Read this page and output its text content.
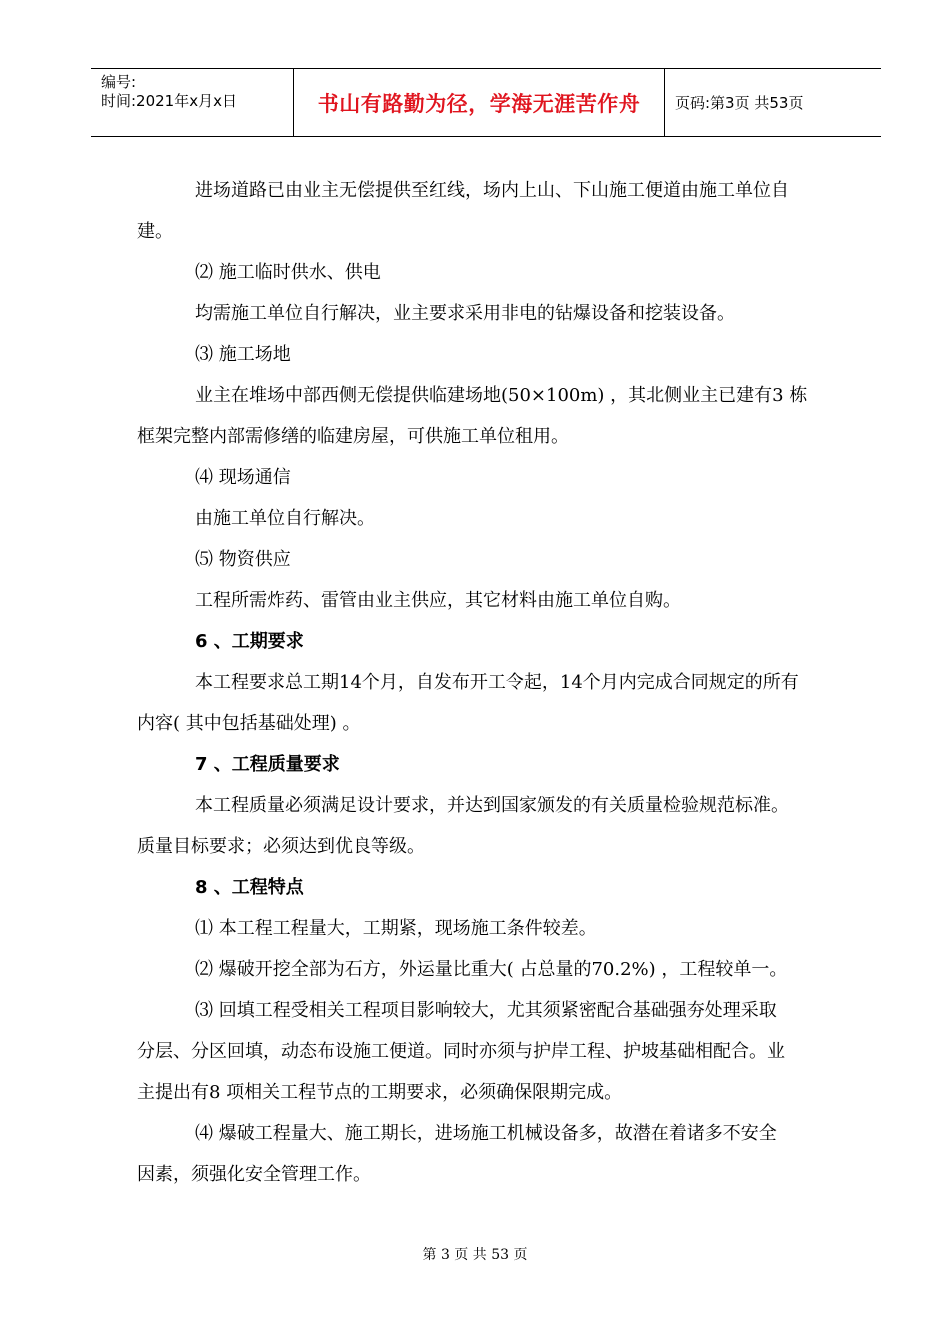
编号:
时间:2021年x月x日	书山有路勤为径，学海无涯苦作舟 页码:第3页 共53页
进场道路已由业主无偿提供至红线，场内上山、下山施工便道由施工单位自
建。
⑵ 施工临时供水、供电
均需施工单位自行解决，业主要求采用非电的钻爆设备和挖装设备。
⑶ 施工场地
业主在堆场中部西侧无偿提供临建场地(50×100m) ，其北侧业主已建有3 栋
框架完整内部需修缮的临建房屋，可供施工单位租用。
⑷ 现场通信
由施工单位自行解决。
⑸ 物资供应
工程所需炸药、雷管由业主供应，其它材料由施工单位自购。
6 、工期要求
本工程要求总工期14个月，自发布开工令起，14个月内完成合同规定的所有
内容( 其中包括基础处理) 。
7 、工程质量要求
本工程质量必须满足设计要求，并达到国家颁发的有关质量检验规范标准。
质量目标要求；必须达到优良等级。
8 、工程特点
⑴ 本工程工程量大，工期紧，现场施工条件较差。
⑵ 爆破开挖全部为石方，外运量比重大( 占总量的70.2%) ，工程较单一。
⑶ 回填工程受相关工程项目影响较大，尤其须紧密配合基础强夯处理采取
分层、分区回填，动态布设施工便道。同时亦须与护岸工程、护坡基础相配合。业
主提出有8 项相关工程节点的工期要求，必须确保限期完成。
⑷ 爆破工程量大、施工期长，进场施工机械设备多，故潜在着诸多不安全
因素，须强化安全管理工作。
第 3 页 共 53 页
